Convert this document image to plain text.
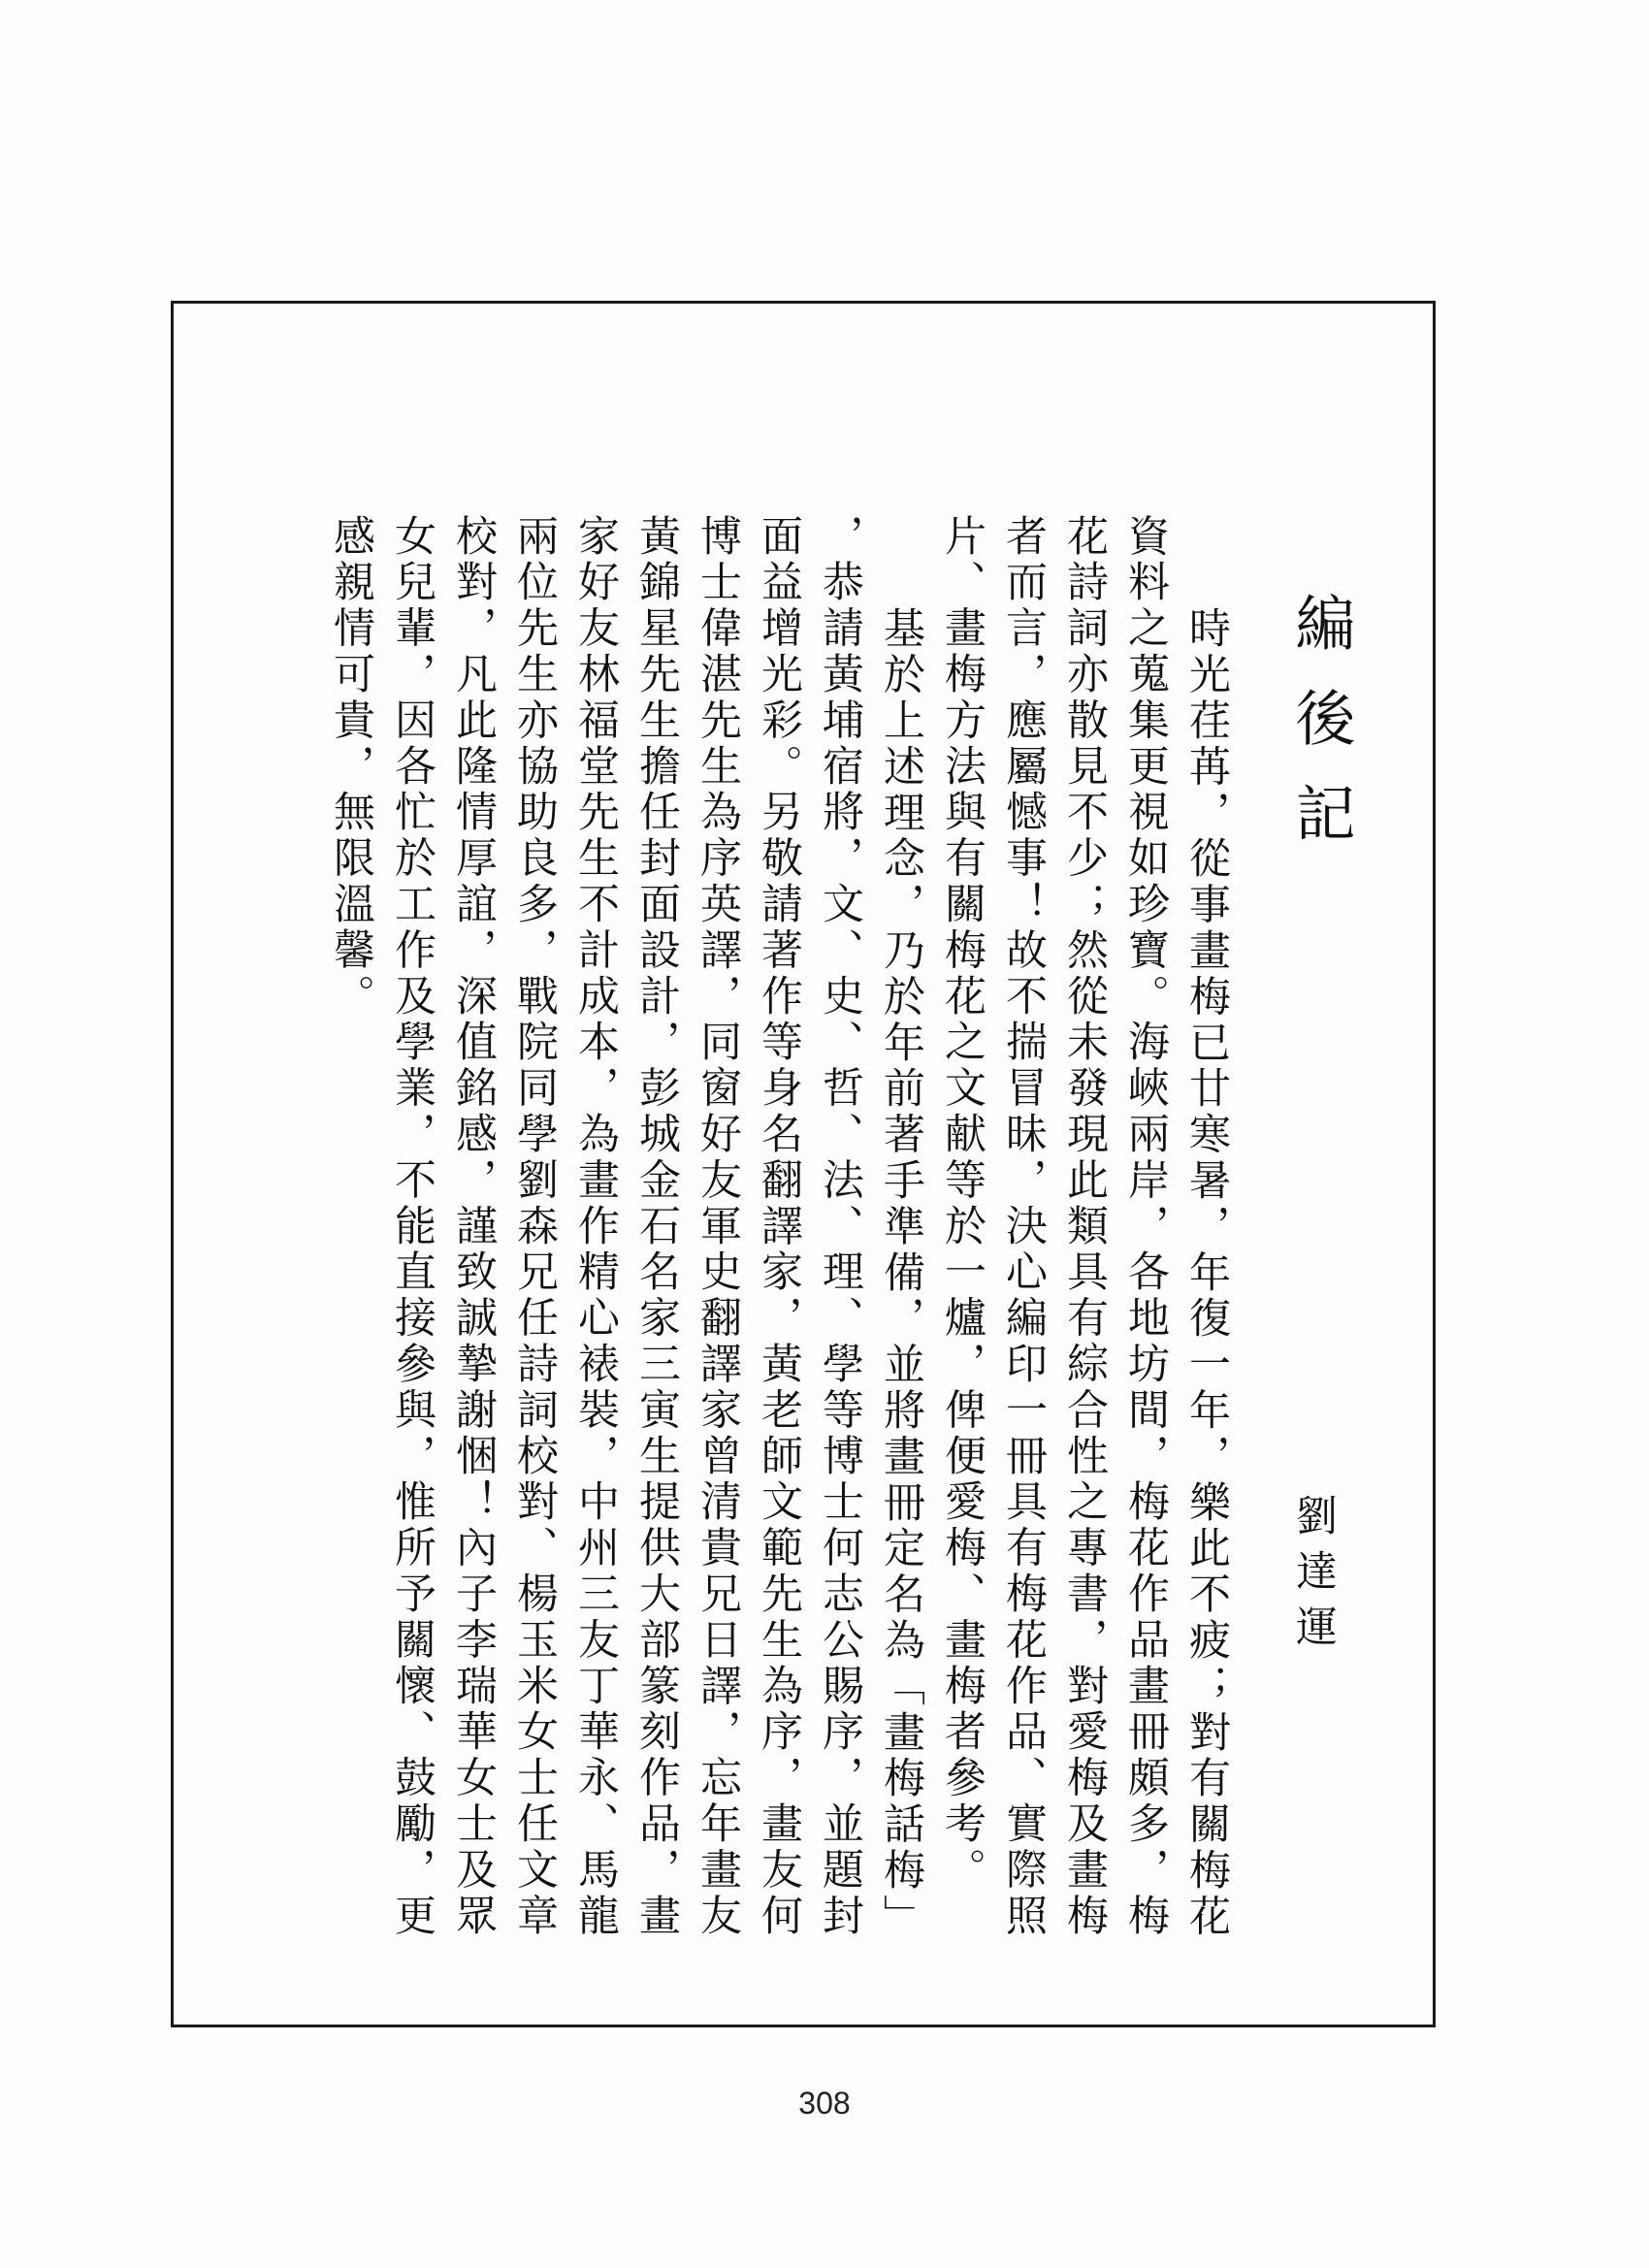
編後記
劉達運
　時光荏苒，從事畫梅已廿寒暑，年復一年，樂此不疲；對有關梅花
資料之蒐集更視如珍寶。海峽兩岸，各地坊間，梅花作品畫冊頗多，梅
花詩詞亦散見不少；然從未發現此類具有綜合性之專書，對愛梅及畫梅
者而言，應屬憾事！故不揣冒昧，決心編印一冊具有梅花作品、實際照
片、畫梅方法與有關梅花之文献等於一爐，俾便愛梅、畫梅者參考。
　基於上述理念，乃於年前著手準備，並將畫冊定名為「畫梅話梅」
，恭請黃埔宿將，文、史、哲、法、理、學等博士何志公賜序，並題封
面益增光彩。另敬請著作等身名翻譯家，黃老師文範先生為序，畫友何
博士偉湛先生為序英譯，同窗好友軍史翻譯家曾清貴兄日譯，忘年畫友
黃錦星先生擔任封面設計，彭城金石名家三寅生提供大部篆刻作品，畫
家好友林福堂先生不計成本，為畫作精心裱裝，中州三友丁華永、馬龍
兩位先生亦協助良多，戰院同學劉森兄任詩詞校對、楊玉米女士任文章
校對，凡此隆情厚誼，深值銘感，謹致誠摯謝悃！內子李瑞華女士及眾
女兒輩，因各忙於工作及學業，不能直接參與，惟所予關懷、鼓勵，更
感親情可貴，無限溫馨。
308
